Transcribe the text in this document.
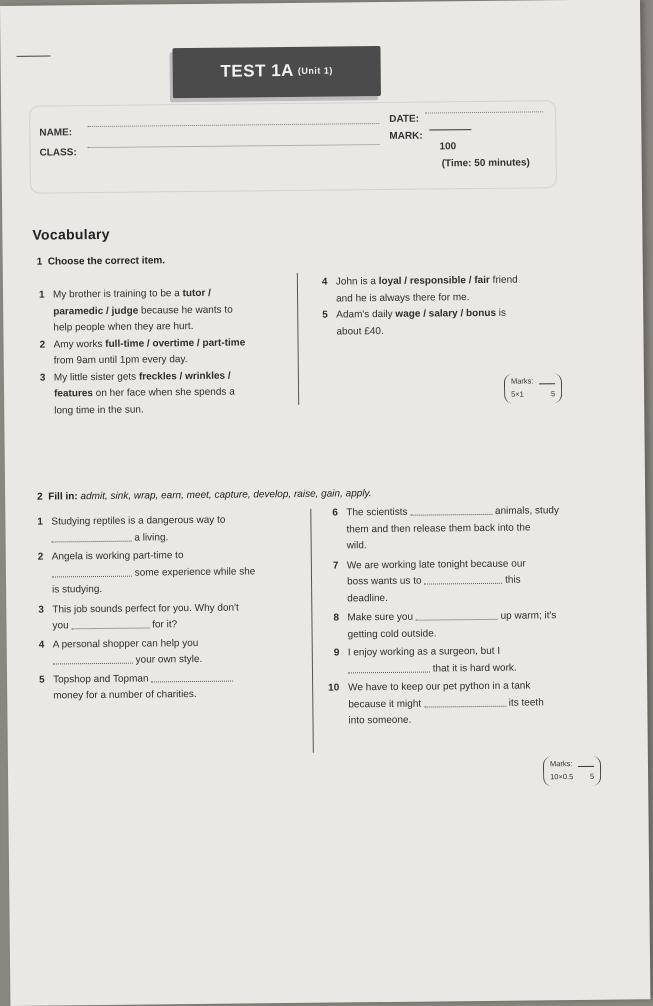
TEST 1A (Unit 1)
NAME:
CLASS:
DATE:
MARK:
100
(Time: 50 minutes)
Vocabulary
1 Choose the correct item.
1 My brother is training to be a tutor /
paramedic / judge because he wants to
help people when they are hurt.
2 Amy works full-time / overtime / part-time
from 9am until 1pm every day.
3 My little sister gets freckles / wrinkles /
features on her face when she spends a
long time in the sun.
4 John is a loyal / responsible / fair friend
and he is always there for me.
5 Adam's daily wage / salary / bonus is
about £40.
Marks:
5×1	5
2 Fill in: admit, sink, wrap, earn, meet, capture, develop, raise, gain, apply.
1 Studying reptiles is a dangerous way to
a living.
2 Angela is working part-time to
some experience while she
is studying.
3 This job sounds perfect for you. Why don't
you	for it?
4 A personal shopper can help you
your own style.
5 Topshop and Topman
money for a number of charities.
6 The scientists	animals, study
them and then release them back into the
wild.
7 We are working late tonight because our
boss wants us to	this
deadline.
8 Make sure you	up warm; it's
getting cold outside.
9 I enjoy working as a surgeon, but I
that it is hard work.
10 We have to keep our pet python in a tank
because it might	its teeth
into someone.
Marks:
10×0.5 5
